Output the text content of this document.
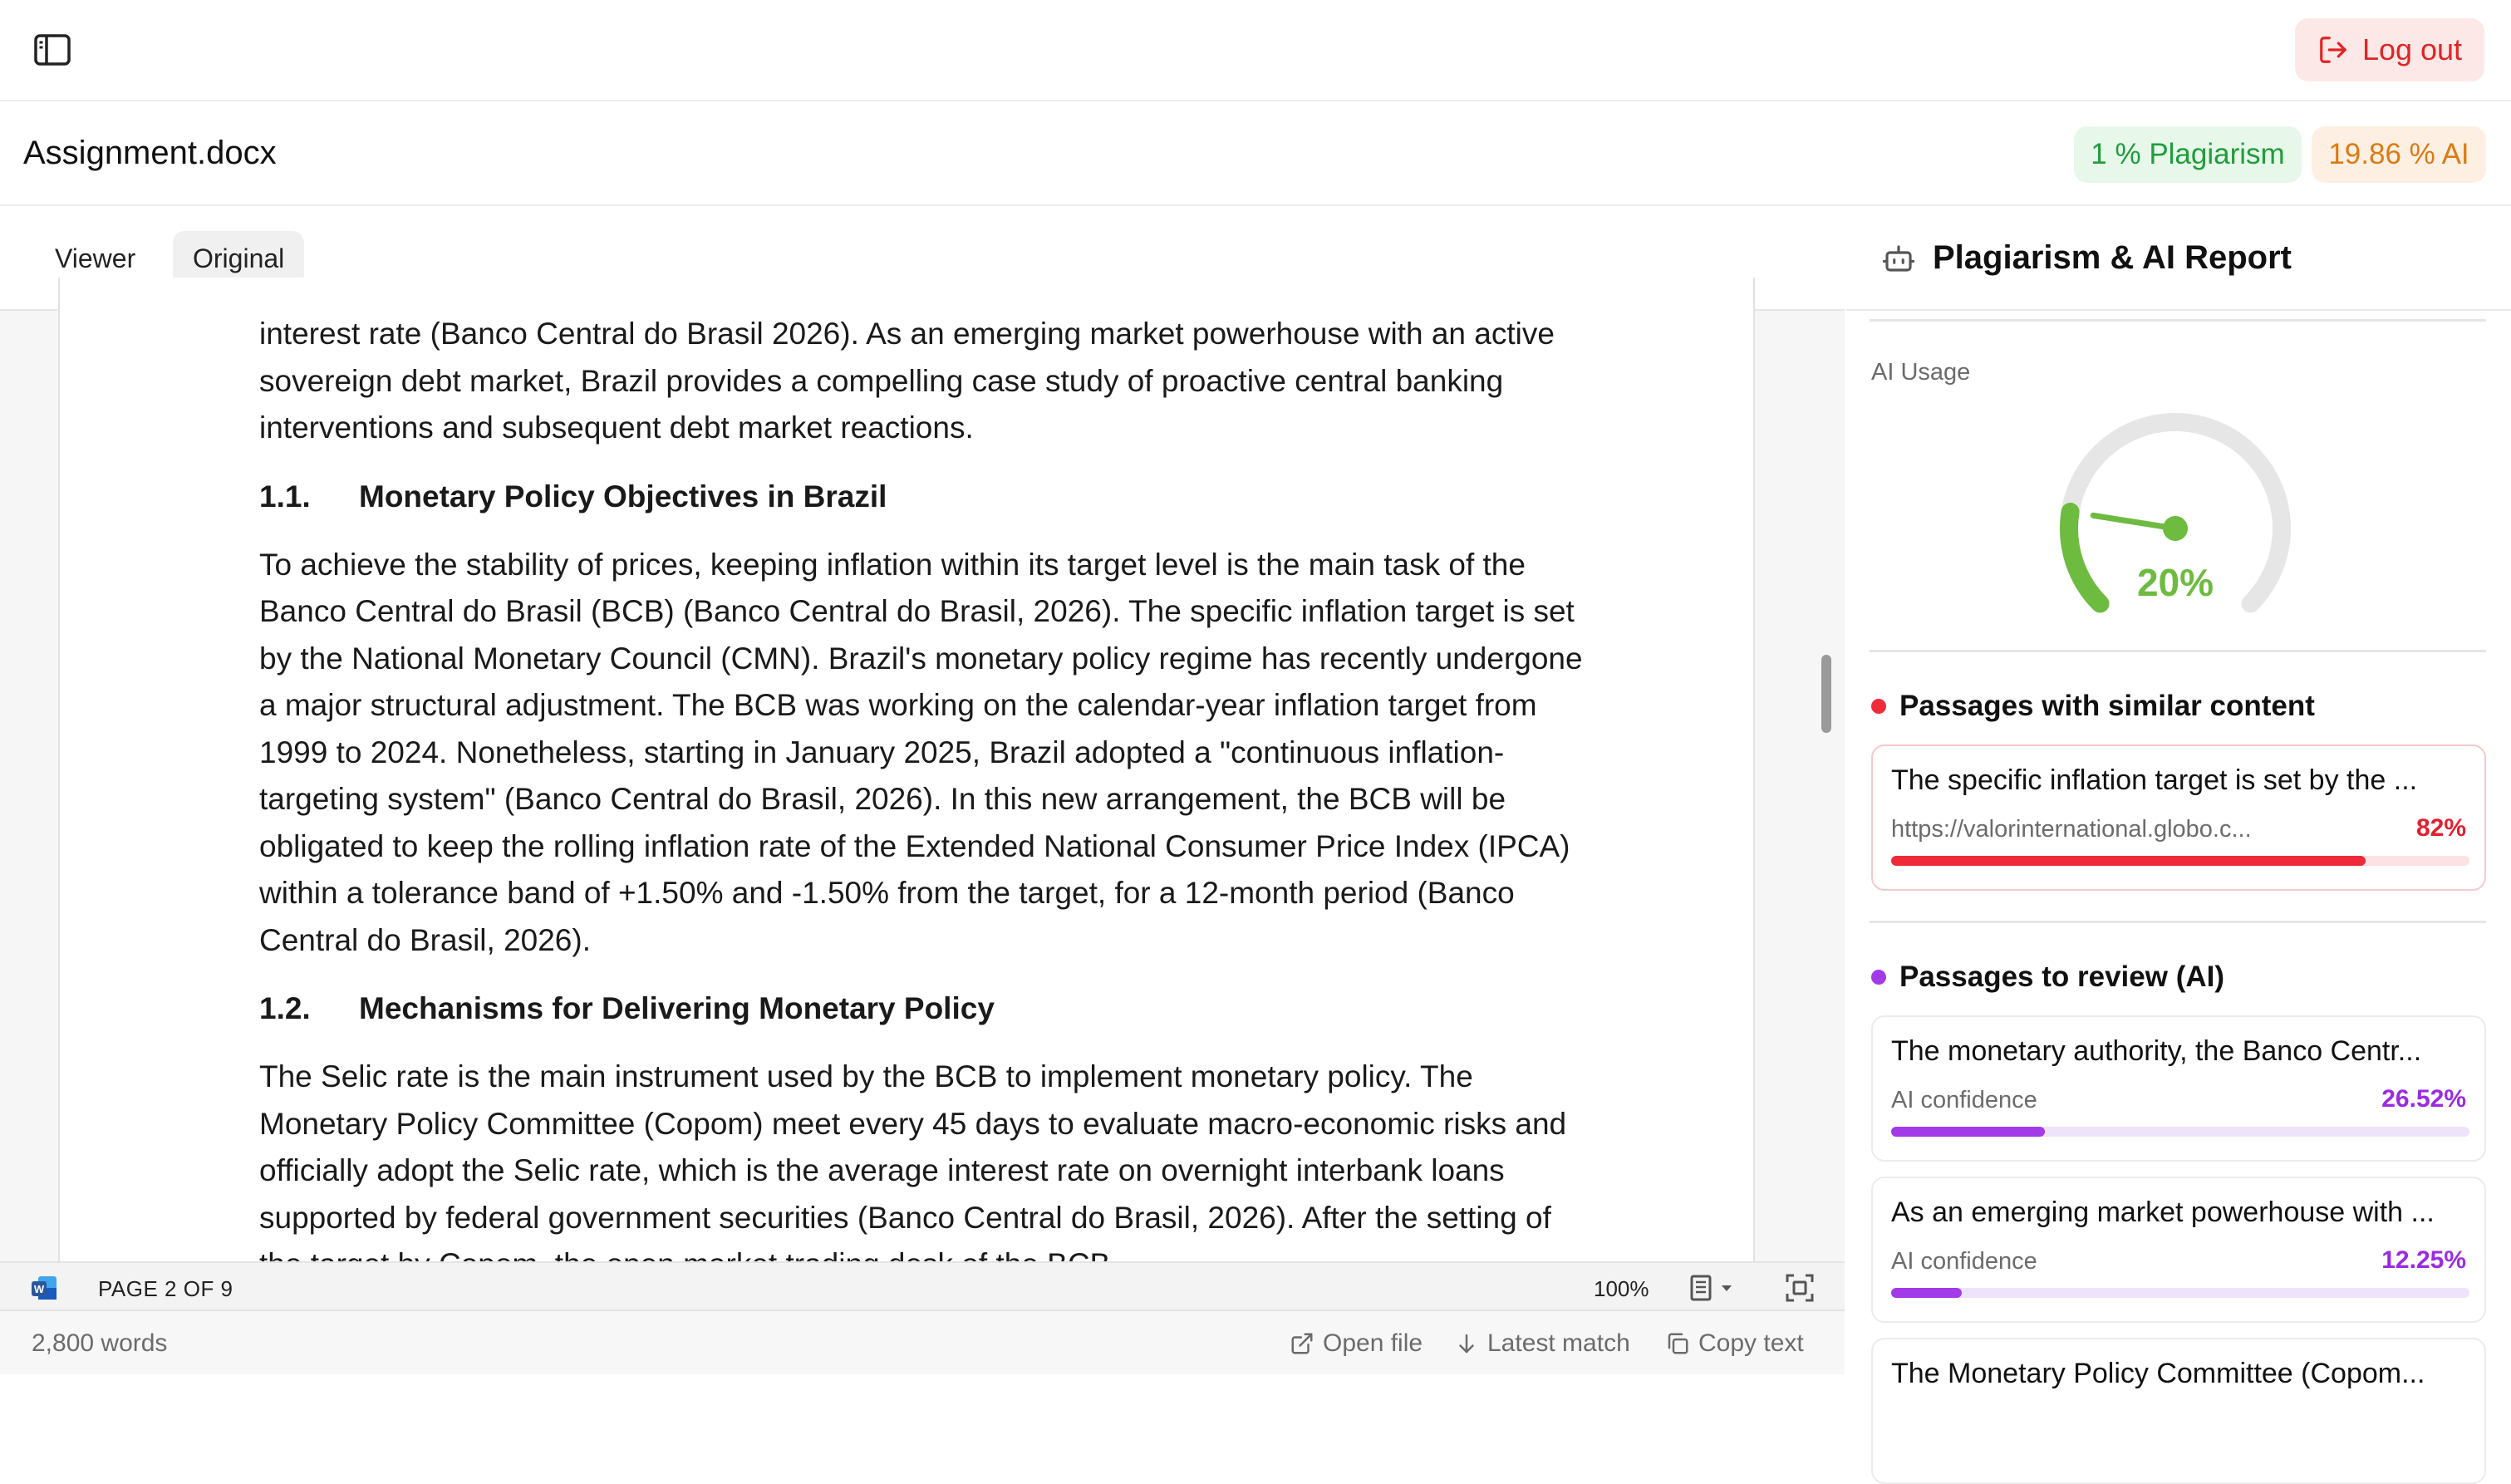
Log out
Assignment.docx	1 % Plagiarism	19.86 % AI
Viewer	Original

interest rate (Banco Central do Brasil 2026). As an emerging market powerhouse with an active sovereign debt market, Brazil provides a compelling case study of proactive central banking interventions and subsequent debt market reactions.

1.1.	Monetary Policy Objectives in Brazil

To achieve the stability of prices, keeping inflation within its target level is the main task of the Banco Central do Brasil (BCB) (Banco Central do Brasil, 2026). The specific inflation target is set by the National Monetary Council (CMN). Brazil's monetary policy regime has recently undergone a major structural adjustment. The BCB was working on the calendar-year inflation target from 1999 to 2024. Nonetheless, starting in January 2025, Brazil adopted a "continuous inflation-targeting system" (Banco Central do Brasil, 2026). In this new arrangement, the BCB will be obligated to keep the rolling inflation rate of the Extended National Consumer Price Index (IPCA) within a tolerance band of +1.50% and -1.50% from the target, for a 12-month period (Banco Central do Brasil, 2026).

1.2.	Mechanisms for Delivering Monetary Policy

The Selic rate is the main instrument used by the BCB to implement monetary policy. The Monetary Policy Committee (Copom) meet every 45 days to evaluate macro-economic risks and officially adopt the Selic rate, which is the average interest rate on overnight interbank loans supported by federal government securities (Banco Central do Brasil, 2026). After the setting of

W PAGE 2 OF 9	100%
2,800 words	Open file	Latest match	Copy text
Plagiarism & AI Report
AI Usage
20%
Passages with similar content
The specific inflation target is set by the ...
https://valorinternational.globo.c...	82%
Passages to review (AI)
The monetary authority, the Banco Centr...
AI confidence	26.52%
As an emerging market powerhouse with ...
AI confidence	12.25%
The Monetary Policy Committee (Copom...
